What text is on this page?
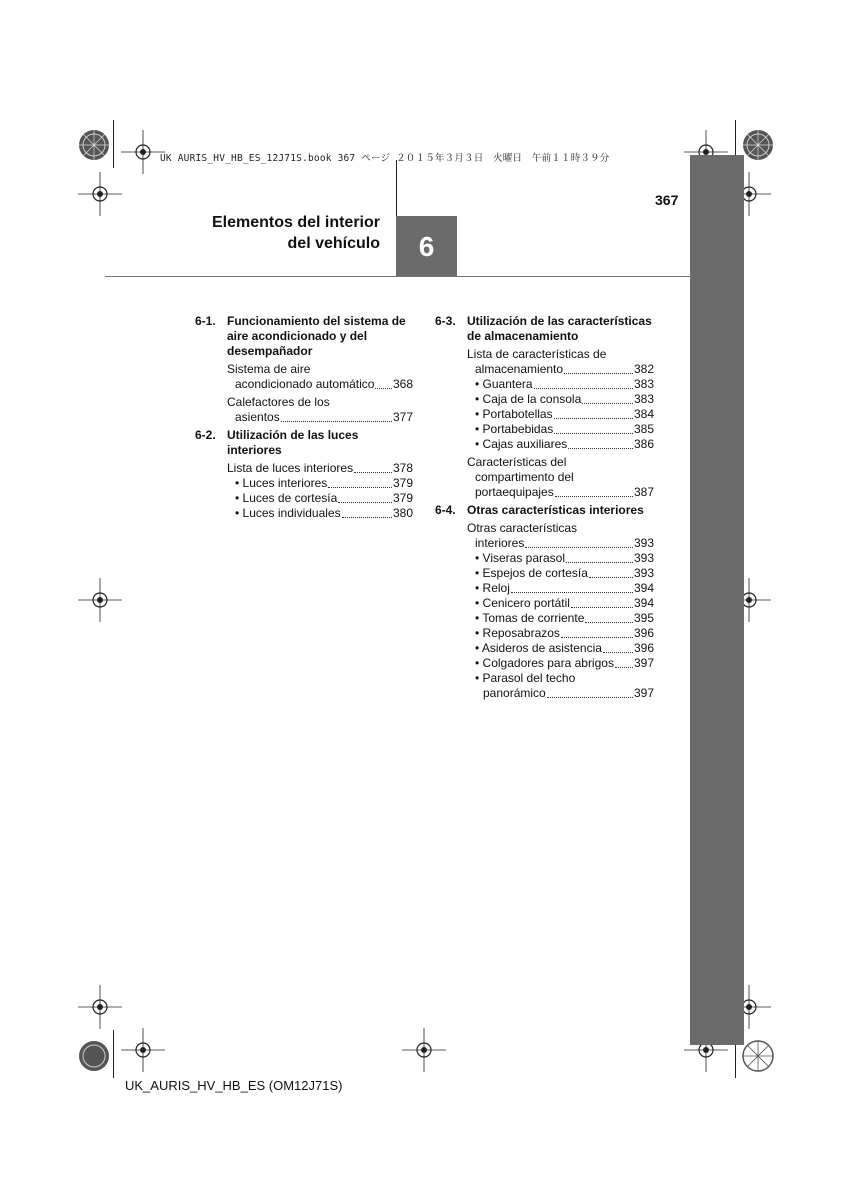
UK AURIS_HV_HB_ES_12J71S.book 367 ページ ２０１５年３月３日　火曜日　午前１１時３９分
367
Elementos del interior
del vehículo	6
6-1. Funcionamiento del sistema de aire acondicionado y del desempañador
Sistema de aire
acondicionado automático 368
Calefactores de los
asientos	377
6-2. Utilización de las luces interiores
Lista de luces interiores	378
• Luces interiores	379
• Luces de cortesía	379
• Luces individuales	380
6-3. Utilización de las características de almacenamiento
Lista de características de
almacenamiento	382
• Guantera	383
• Caja de la consola	383
• Portabotellas	384
• Portabebidas	385
• Cajas auxiliares	386
Características del
compartimento del
portaequipajes	387
6-4. Otras características interiores
Otras características
interiores	393
• Viseras parasol	393
• Espejos de cortesía	393
• Reloj	394
• Cenicero portátil	394
• Tomas de corriente	395
• Reposabrazos	396
• Asideros de asistencia	396
• Colgadores para abrigos 397
• Parasol del techo
panorámico	397
UK_AURIS_HV_HB_ES (OM12J71S)
